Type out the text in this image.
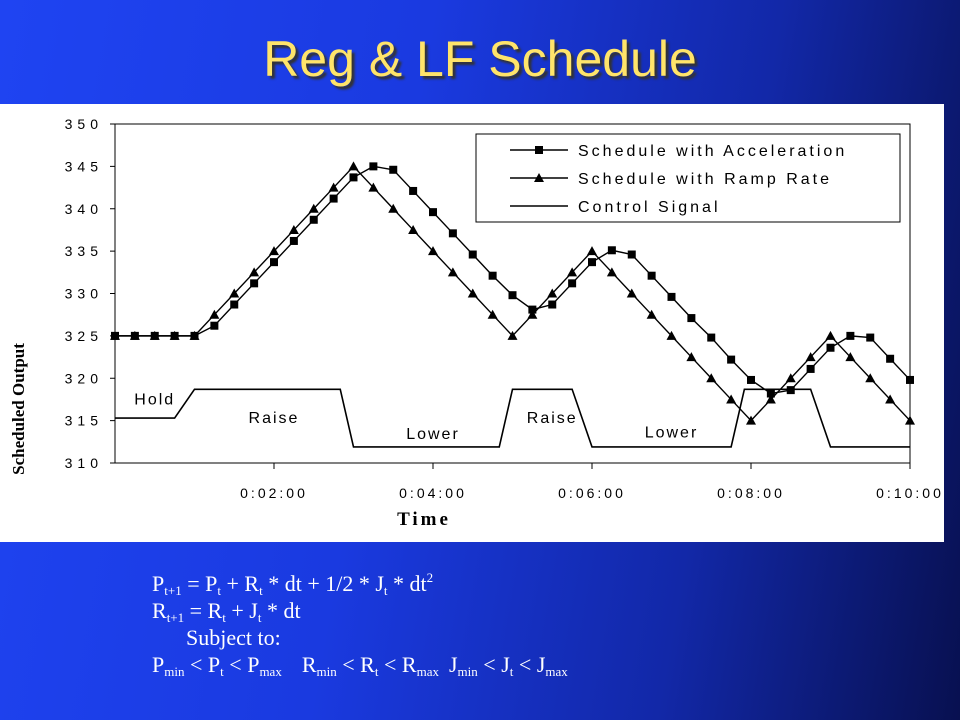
Reg & LF Schedule
310
315
320
325
330
335
340
345
350
0:02:00	0:04:00	0:06:00	0:08:00	0:10:00
Hold
Raise
Lower
Raise
Lower
Schedule with Acceleration
Schedule with Ramp Rate
Control Signal
Scheduled Output
Time
$P_{t+1} = P_t + R_t$ * dt + $1/2 * J_t * dt^2$
$R_{t+1} = R_t + J_t$ * dt
Subject to:
$P_{min} < P_t < P_{max}$ $R_{min} < R_t < R_{max}$ $J_{min} < J_t < J_{max}$
